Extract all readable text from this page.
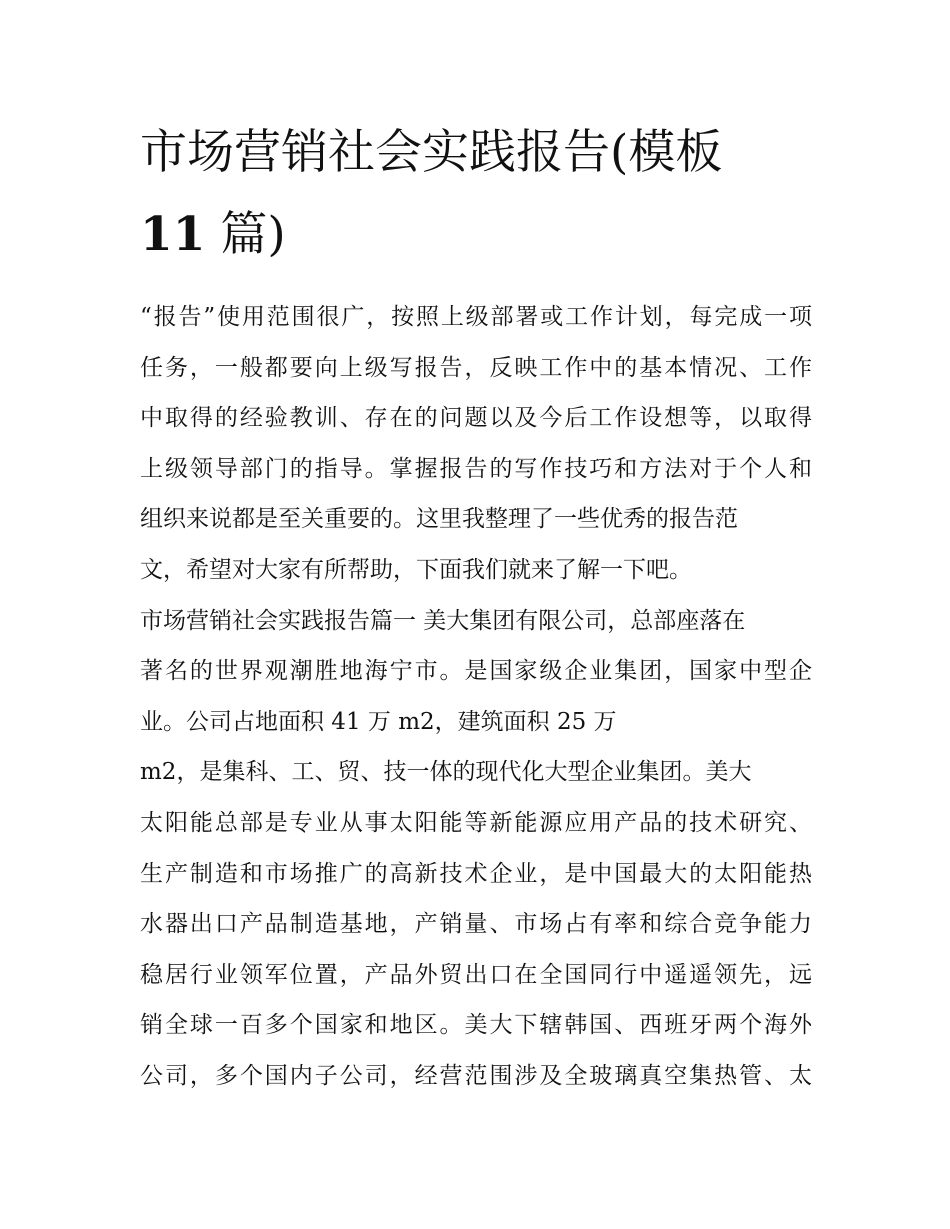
市场营销社会实践报告(模板
11 篇)
“报告”使用范围很广，按照上级部署或工作计划，每完成一项
任务，一般都要向上级写报告，反映工作中的基本情况、工作
中取得的经验教训、存在的问题以及今后工作设想等，以取得
上级领导部门的指导。掌握报告的写作技巧和方法对于个人和
组织来说都是至关重要的。这里我整理了一些优秀的报告范
文，希望对大家有所帮助，下面我们就来了解一下吧。
市场营销社会实践报告篇一 美大集团有限公司，总部座落在
著名的世界观潮胜地海宁市。是国家级企业集团，国家中型企
业。公司占地面积 41 万 m2，建筑面积 25 万
m2，是集科、工、贸、技一体的现代化大型企业集团。美大
太阳能总部是专业从事太阳能等新能源应用产品的技术研究、
生产制造和市场推广的高新技术企业，是中国最大的太阳能热
水器出口产品制造基地，产销量、市场占有率和综合竞争能力
稳居行业领军位置，产品外贸出口在全国同行中遥遥领先，远
销全球一百多个国家和地区。美大下辖韩国、西班牙两个海外
公司，多个国内子公司，经营范围涉及全玻璃真空集热管、太
